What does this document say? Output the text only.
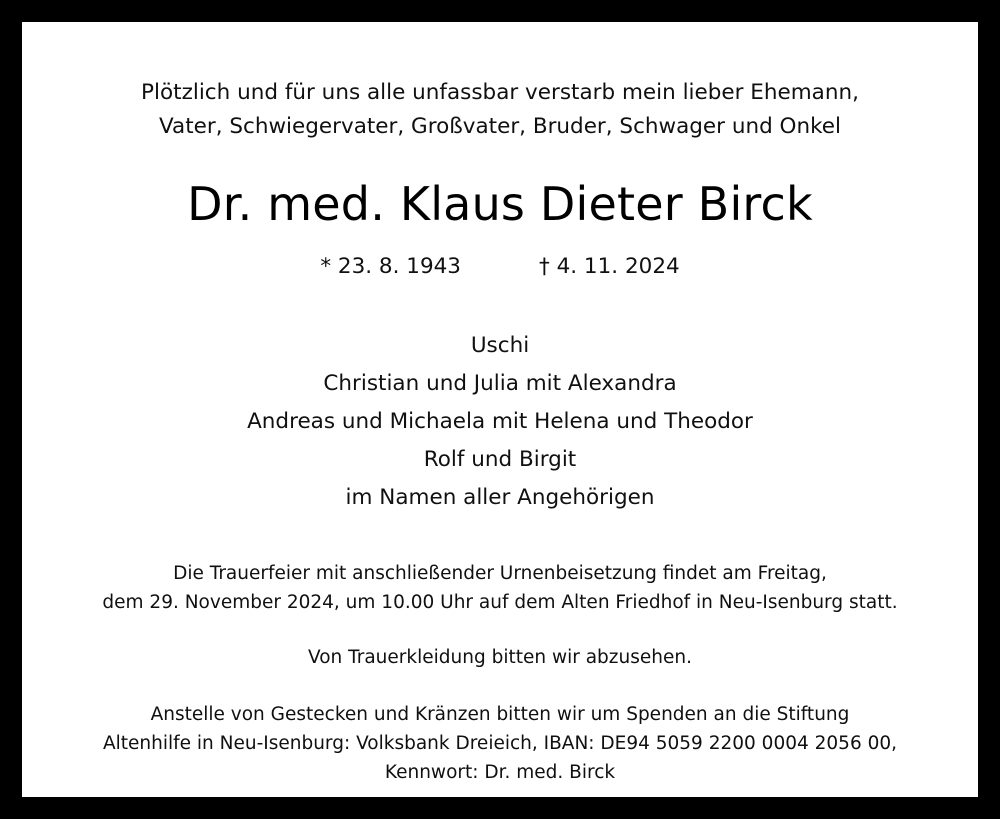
Plötzlich und für uns alle unfassbar verstarb mein lieber Ehemann,
Vater, Schwiegervater, Großvater, Bruder, Schwager und Onkel
Dr. med. Klaus Dieter Birck
* 23. 8. 1943	† 4. 11. 2024
Uschi
Christian und Julia mit Alexandra
Andreas und Michaela mit Helena und Theodor
Rolf und Birgit
im Namen aller Angehörigen
Die Trauerfeier mit anschließender Urnenbeisetzung findet am Freitag,
dem 29. November 2024, um 10.00 Uhr auf dem Alten Friedhof in Neu-Isenburg statt.
Von Trauerkleidung bitten wir abzusehen.
Anstelle von Gestecken und Kränzen bitten wir um Spenden an die Stiftung
Altenhilfe in Neu-Isenburg: Volksbank Dreieich, IBAN: DE94 5059 2200 0004 2056 00,
Kennwort: Dr. med. Birck
